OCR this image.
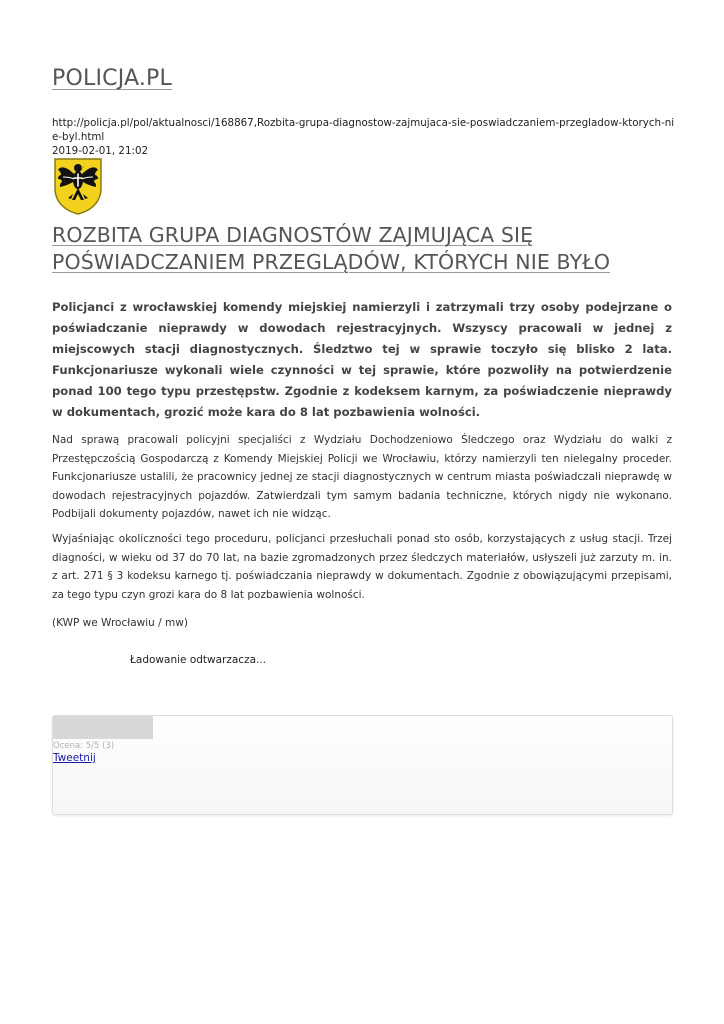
POLICJA.PL
http://policja.pl/pol/aktualnosci/168867,Rozbita-grupa-diagnostow-zajmujaca-sie-poswiadczaniem-przegladow-ktorych-nie-byl.html
2019-02-01, 21:02
ROZBITA GRUPA DIAGNOSTÓW ZAJMUJĄCA SIĘ POŚWIADCZANIEM PRZEGLĄDÓW, KTÓRYCH NIE BYŁO

Policjanci z wrocławskiej komendy miejskiej namierzyli i zatrzymali trzy osoby podejrzane o poświadczanie nieprawdy w dowodach rejestracyjnych. Wszyscy pracowali w jednej z miejscowych stacji diagnostycznych. Śledztwo tej w sprawie toczyło się blisko 2 lata. Funkcjonariusze wykonali wiele czynności w tej sprawie, które pozwoliły na potwierdzenie ponad 100 tego typu przestępstw. Zgodnie z kodeksem karnym, za poświadczenie nieprawdy w dokumentach, grozić może kara do 8 lat pozbawienia wolności.

Nad sprawą pracowali policyjni specjaliści z Wydziału Dochodzeniowo Śledczego oraz Wydziału do walki z Przestępczością Gospodarczą z Komendy Miejskiej Policji we Wrocławiu, którzy namierzyli ten nielegalny proceder. Funkcjonariusze ustalili, że pracownicy jednej ze stacji diagnostycznych w centrum miasta poświadczali nieprawdę w dowodach rejestracyjnych pojazdów. Zatwierdzali tym samym badania techniczne, których nigdy nie wykonano. Podbijali dokumenty pojazdów, nawet ich nie widząc.

Wyjaśniając okoliczności tego proceduru, policjanci przesłuchali ponad sto osób, korzystających z usług stacji. Trzej diagności, w wieku od 37 do 70 lat, na bazie zgromadzonych przez śledczych materiałów, usłyszeli już zarzuty m. in. z art. 271 § 3 kodeksu karnego tj. poświadczania nieprawdy w dokumentach. Zgodnie z obowiązującymi przepisami, za tego typu czyn grozi kara do 8 lat pozbawienia wolności.

(KWP we Wrocławiu / mw)

Ładowanie odtwarzacza...
Ocena: 5/5 (3)
Tweetnij
